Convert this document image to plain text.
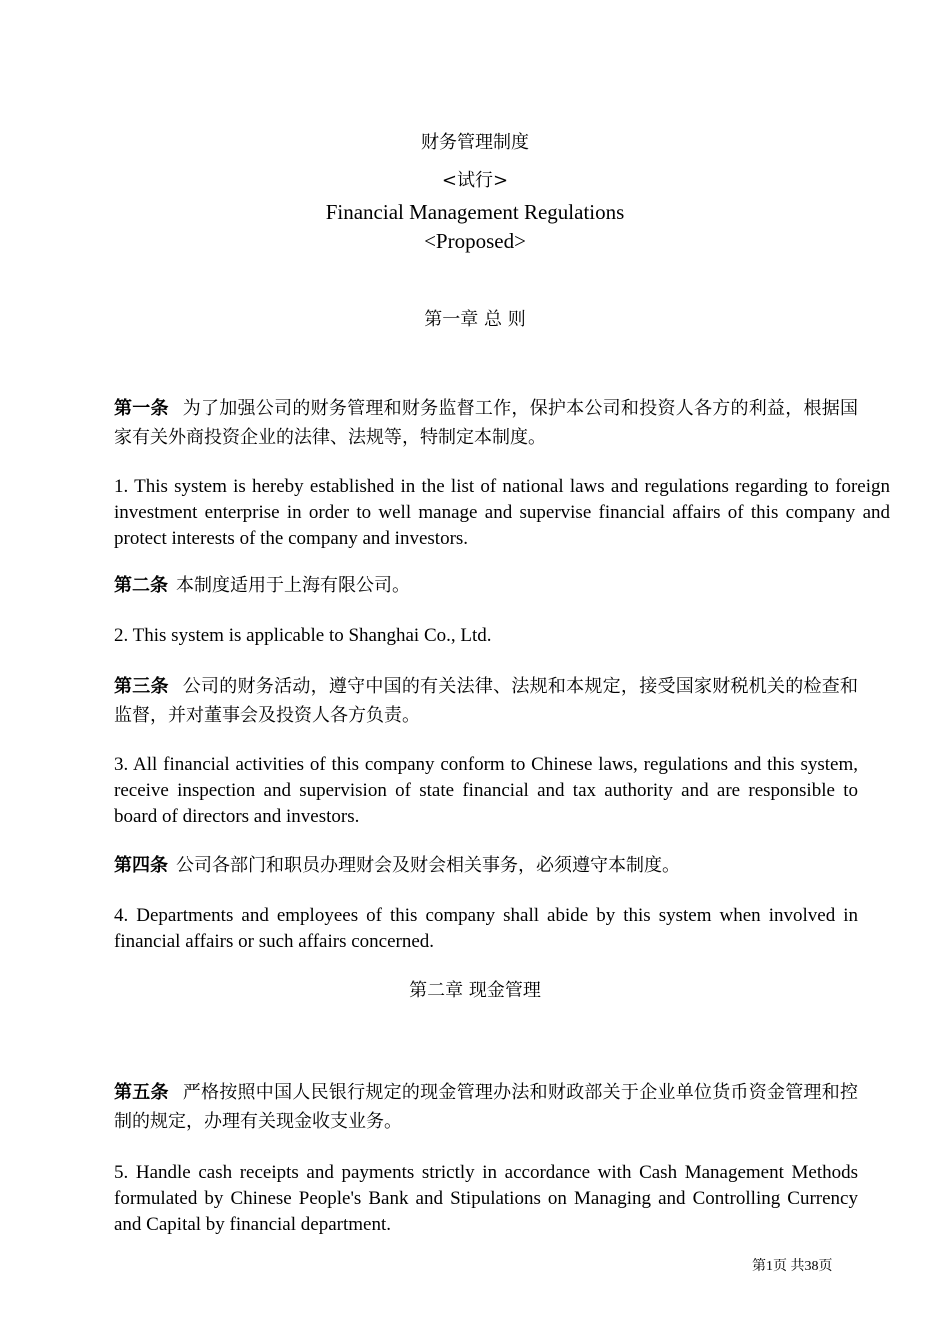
财务管理制度
<试行>
Financial Management Regulations
<Proposed>
第一章 总 则
第一条 为了加强公司的财务管理和财务监督工作，保护本公司和投资人各方的利益，根据国家有关外商投资企业的法律、法规等，特制定本制度。
1. This system is hereby established in the list of national laws and regulations regarding to foreign investment enterprise in order to well manage and supervise financial affairs of this company and protect interests of the company and investors.
第二条 本制度适用于上海有限公司。
2. This system is applicable to Shanghai Co., Ltd.
第三条 公司的财务活动，遵守中国的有关法律、法规和本规定，接受国家财税机关的检查和监督，并对董事会及投资人各方负责。
3. All financial activities of this company conform to Chinese laws, regulations and this system, receive inspection and supervision of state financial and tax authority and are responsible to board of directors and investors.
第四条 公司各部门和职员办理财会及财会相关事务，必须遵守本制度。
4. Departments and employees of this company shall abide by this system when involved in financial affairs or such affairs concerned.
第二章 现金管理
第五条 严格按照中国人民银行规定的现金管理办法和财政部关于企业单位货币资金管理和控制的规定，办理有关现金收支业务。
5. Handle cash receipts and payments strictly in accordance with Cash Management Methods formulated by Chinese People's Bank and Stipulations on Managing and Controlling Currency and Capital by financial department.
第1页 共38页
